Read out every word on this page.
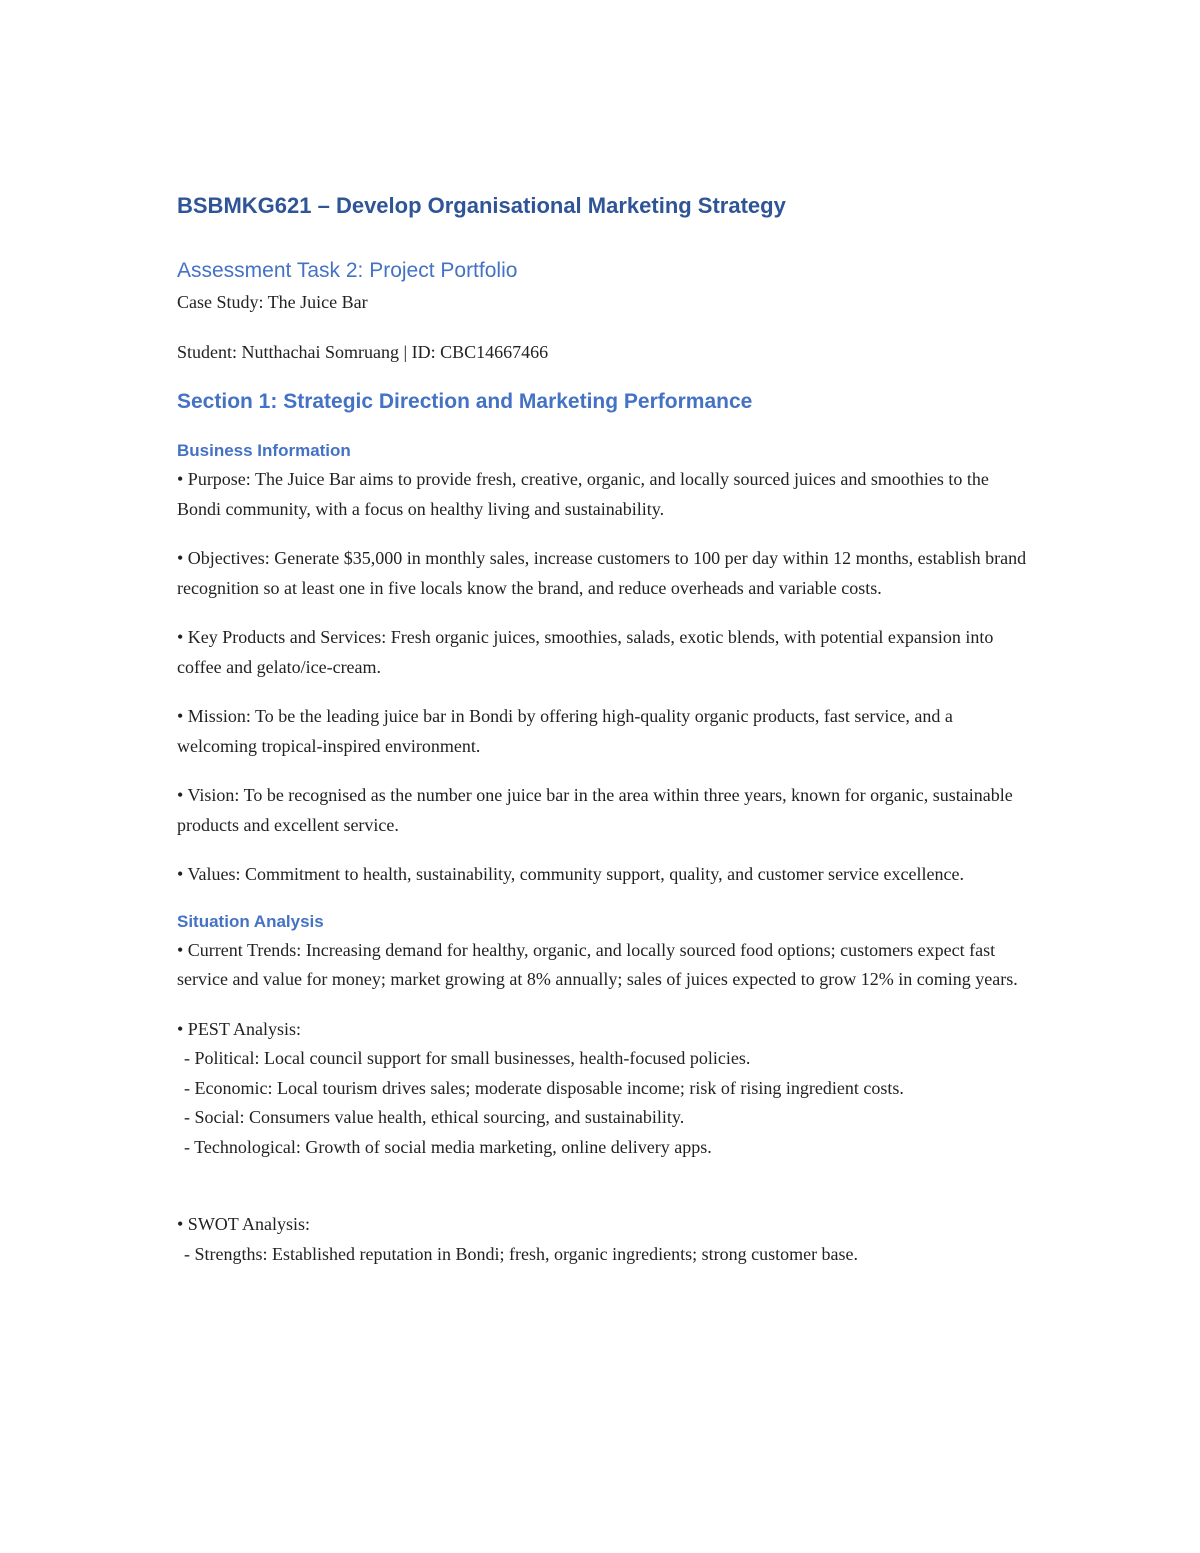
BSBMKG621 – Develop Organisational Marketing Strategy
Assessment Task 2: Project Portfolio

Case Study: The Juice Bar

Student: Nutthachai Somruang | ID: CBC14667466

Section 1: Strategic Direction and Marketing Performance
Business Information

• Purpose: The Juice Bar aims to provide fresh, creative, organic, and locally sourced juices and smoothies to the Bondi community, with a focus on healthy living and sustainability.

• Objectives: Generate $35,000 in monthly sales, increase customers to 100 per day within 12 months, establish brand recognition so at least one in five locals know the brand, and reduce overheads and variable costs.

• Key Products and Services: Fresh organic juices, smoothies, salads, exotic blends, with potential expansion into coffee and gelato/ice-cream.

• Mission: To be the leading juice bar in Bondi by offering high-quality organic products, fast service, and a welcoming tropical-inspired environment.

• Vision: To be recognised as the number one juice bar in the area within three years, known for organic, sustainable products and excellent service.

• Values: Commitment to health, sustainability, community support, quality, and customer service excellence.

Situation Analysis

• Current Trends: Increasing demand for healthy, organic, and locally sourced food options; customers expect fast service and value for money; market growing at 8% annually; sales of juices expected to grow 12% in coming years.

• PEST Analysis:

- Political: Local council support for small businesses, health-focused policies.

- Economic: Local tourism drives sales; moderate disposable income; risk of rising ingredient costs.

- Social: Consumers value health, ethical sourcing, and sustainability.

- Technological: Growth of social media marketing, online delivery apps.

• SWOT Analysis:

- Strengths: Established reputation in Bondi; fresh, organic ingredients; strong customer base.
